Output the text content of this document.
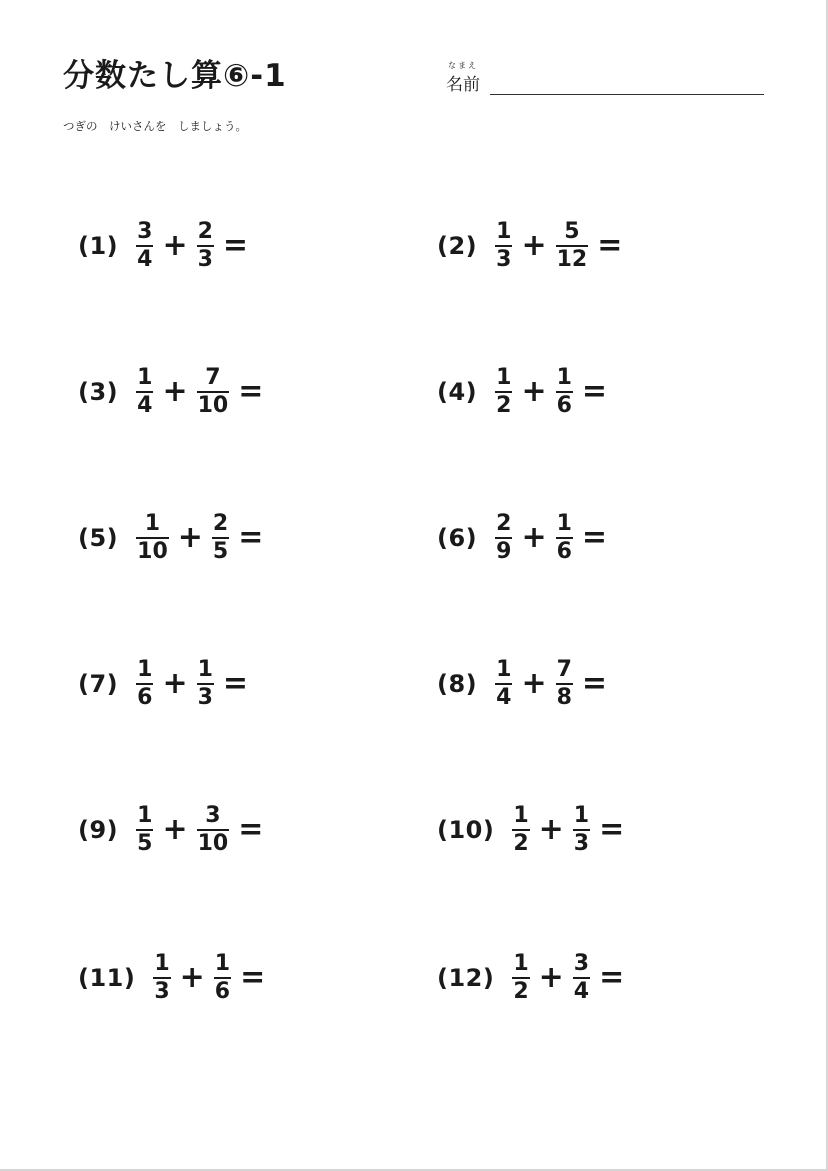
分数たし算⑥-1	なまえ
名前
つぎの　けいさんを　しましょう。
$(1) \frac{3}{4} + \frac{2}{3}$ =	$(2) \frac{1}{3} + \frac{5}{12}$ =
$(3) \frac{1}{4} + \frac{7}{10}$ =	$(4) \frac{1}{2} + \frac{1}{6}$ =
$(5) \frac{1}{10} + \frac{2}{5}$ =	$(6) \frac{2}{9} + \frac{1}{6}$ =
$(7) \frac{1}{6} + \frac{1}{3}$ =	$(8) \frac{1}{4} + \frac{7}{8}$ =
$(9) \frac{1}{5} + \frac{3}{10}$ =	$(10) \frac{1}{2} + \frac{1}{3}$ =
$(11) \frac{1}{3} + \frac{1}{6}$ =	$(12) \frac{1}{2} + \frac{3}{4}$ =
